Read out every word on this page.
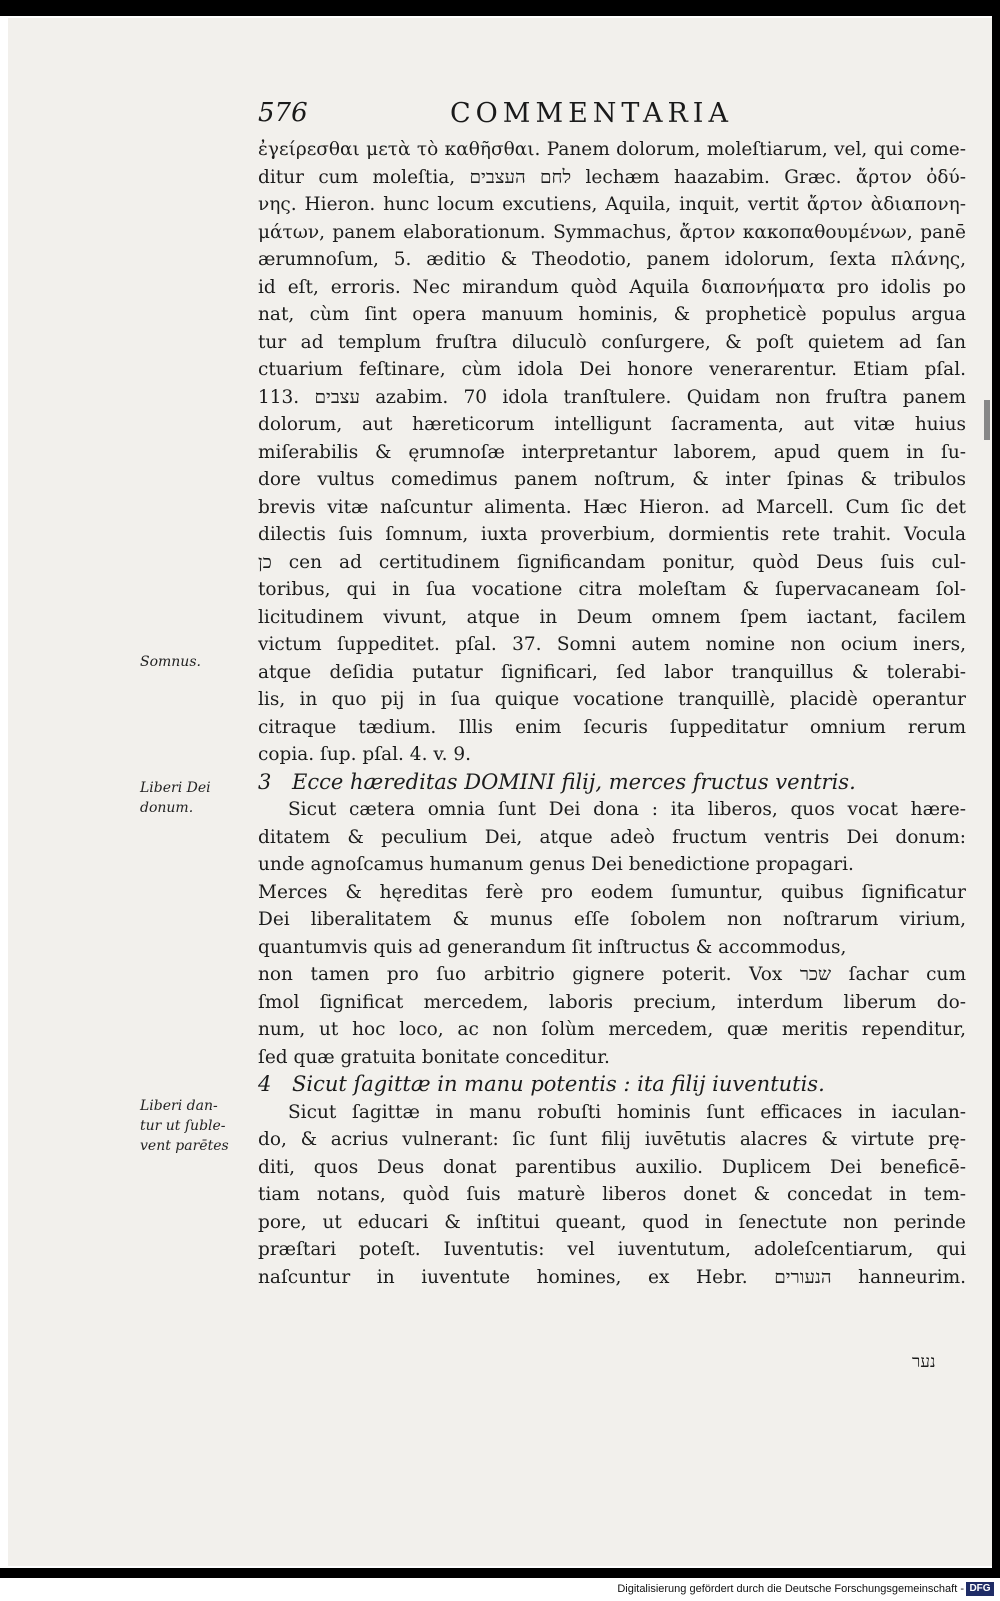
576	COMMENTARIA
ἐγείρεσθαι μετὰ τὸ καθῆσθαι. Panem dolorum, moleſtiarum, vel, qui come-
ditur cum moleſtia, לחם העצבים lechæm haazabim. Græc. ἄρτον ὀδύ-
νης. Hieron. hunc locum excutiens, Aquila, inquit, vertit ἄρτον ὰδιαπονη-
μάτων, panem elaborationum. Symmachus, ἄρτον κακοπαθουμένων, panē
ærumnoſum, 5. æditio & Theodotio, panem idolorum, ſexta πλάνης,
id eſt, erroris. Nec mirandum quòd Aquila διαπονήματα pro idolis po
nat, cùm ſint opera manuum hominis, & propheticè populus argua
tur ad templum fruſtra diluculò conſurgere, & poſt quietem ad ſan
ctuarium feſtinare, cùm idola Dei honore venerarentur. Etiam pſal.
113. עצבים azabim. 70 idola tranſtulere. Quidam non fruſtra panem
dolorum, aut hæreticorum intelligunt ſacramenta, aut vitæ huius
miſerabilis & ęrumnoſæ interpretantur laborem, apud quem in ſu-
dore vultus comedimus panem noſtrum, & inter ſpinas & tribulos
brevis vitæ naſcuntur alimenta. Hæc Hieron. ad Marcell. Cum ſic det
dilectis ſuis ſomnum, iuxta proverbium, dormientis rete trahit. Vocula
כן cen ad certitudinem ſignificandam ponitur, quòd Deus ſuis cul-
toribus, qui in ſua vocatione citra moleſtam & ſupervacaneam ſol-
licitudinem vivunt, atque in Deum omnem ſpem iactant, facilem
victum ſuppeditet. pſal. 37. Somni autem nomine non ocium iners,
atque deſidia putatur ſignificari, ſed labor tranquillus & tolerabi-
lis, in quo pij in ſua quique vocatione tranquillè, placidè operantur
citraque tædium. Illis enim ſecuris ſuppeditatur omnium rerum
copia. ſup. pſal. 4. v. 9.
3 Ecce hæreditas DOMINI filij, merces fructus ventris.
Sicut cætera omnia ſunt Dei dona : ita liberos, quos vocat hære-
ditatem & peculium Dei, atque adeò fructum ventris Dei donum:
unde agnoſcamus humanum genus Dei benedictione propagari.
Merces & hęreditas ferè pro eodem ſumuntur, quibus ſignificatur
Dei liberalitatem & munus eſſe ſobolem non noſtrarum virium,
quantumvis quis ad generandum ſit inſtructus & accommodus,
non tamen pro ſuo arbitrio gignere poterit. Vox שכר ſachar cum
ſmol ſignificat mercedem, laboris precium, interdum liberum do-
num, ut hoc loco, ac non ſolùm mercedem, quæ meritis rependitur,
ſed quæ gratuita bonitate conceditur.
4 Sicut ſagittæ in manu potentis : ita filij iuventutis.
Sicut ſagittæ in manu robuſti hominis ſunt efficaces in iaculan-
do, & acrius vulnerant: ſic ſunt filij iuvētutis alacres & virtute prę-
diti, quos Deus donat parentibus auxilio. Duplicem Dei beneficē-
tiam notans, quòd ſuis maturè liberos donet & concedat in tem-
pore, ut educari & inſtitui queant, quod in ſenectute non perinde
præſtari poteſt. Iuventutis: vel iuventutum, adoleſcentiarum, qui
naſcuntur in iuventute homines, ex Hebr. הנעורים hanneurim.
Somnus.
Liberi Dei
donum.
Liberi dan-
tur ut ſuble-
vent parētes
נער
Digitalisierung gefördert durch die Deutsche Forschungsgemeinschaft - DFG
